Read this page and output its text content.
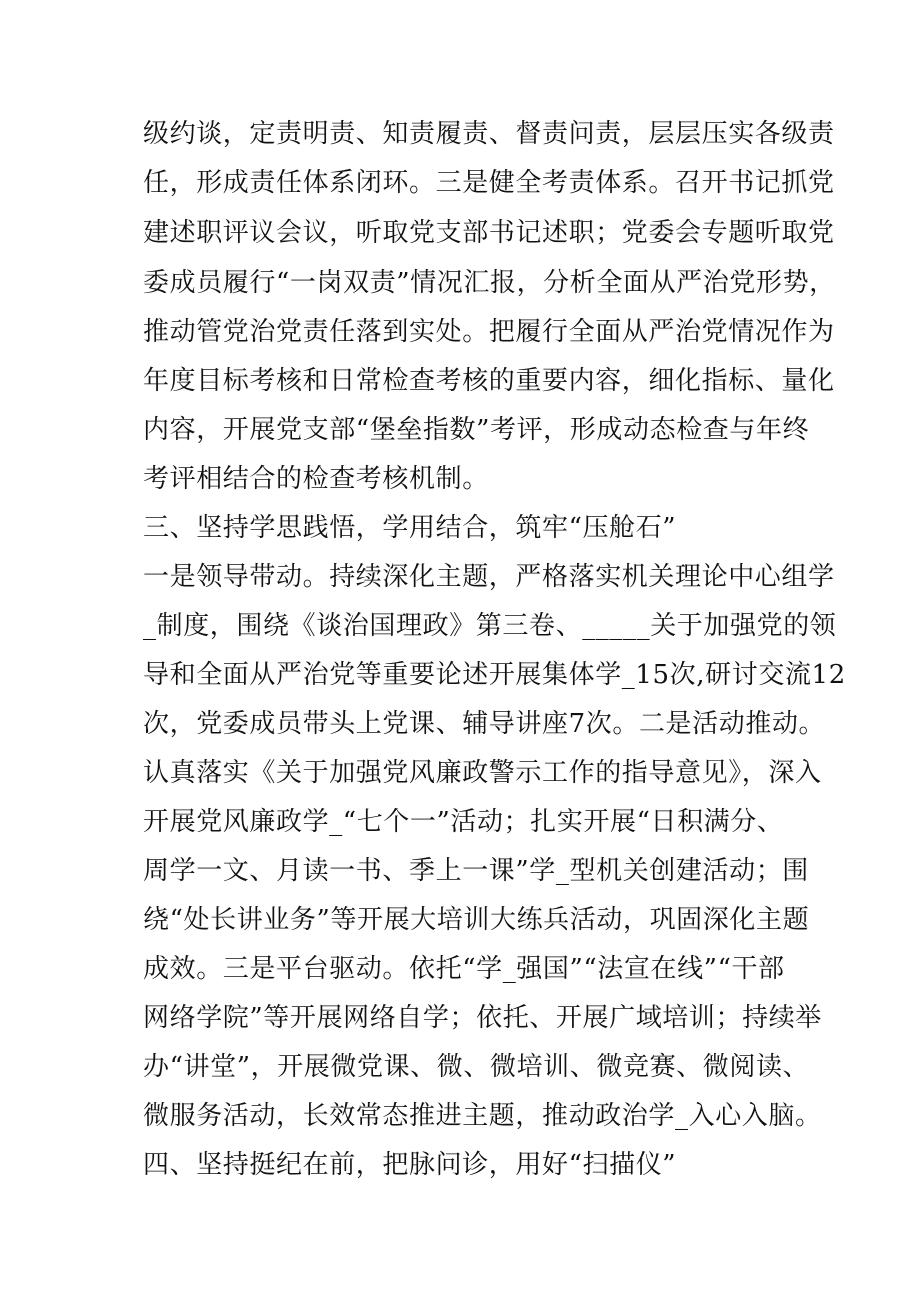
级约谈，定责明责、知责履责、督责问责，层层压实各级责
任，形成责任体系闭环。三是健全考责体系。召开书记抓党
建述职评议会议，听取党支部书记述职；党委会专题听取党
委成员履行“一岗双责”情况汇报，分析全面从严治党形势，
推动管党治党责任落到实处。把履行全面从严治党情况作为
年度目标考核和日常检查考核的重要内容，细化指标、量化
内容，开展党支部“堡垒指数”考评，形成动态检查与年终
考评相结合的检查考核机制。
三、坚持学思践悟，学用结合，筑牢“压舱石”
一是领导带动。持续深化主题，严格落实机关理论中心组学
_制度，围绕《谈治国理政》第三卷、_____关于加强党的领
导和全面从严治党等重要论述开展集体学_15次,研讨交流12
次，党委成员带头上党课、辅导讲座7次。二是活动推动。
认真落实《关于加强党风廉政警示工作的指导意见》，深入
开展党风廉政学_“七个一”活动；扎实开展“日积满分、
周学一文、月读一书、季上一课”学_型机关创建活动；围
绕“处长讲业务”等开展大培训大练兵活动，巩固深化主题
成效。三是平台驱动。依托“学_强国”“法宣在线”“干部
网络学院”等开展网络自学；依托、开展广域培训；持续举
办“讲堂”，开展微党课、微、微培训、微竞赛、微阅读、
微服务活动，长效常态推进主题，推动政治学_入心入脑。
四、坚持挺纪在前，把脉问诊，用好“扫描仪”
